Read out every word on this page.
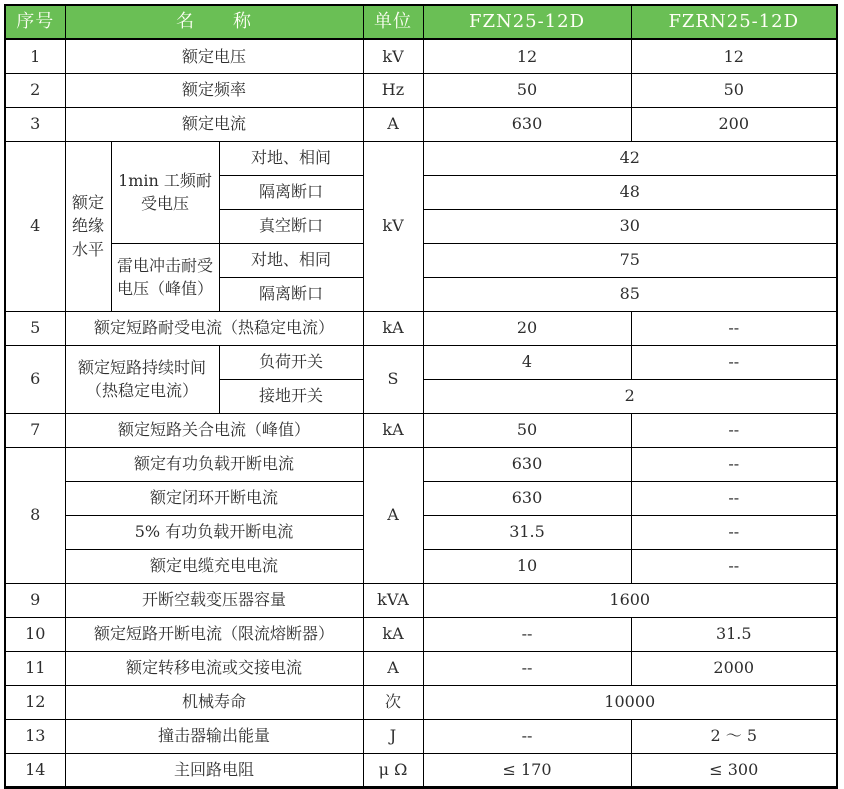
序号	名　　称			单位	FZN25-12D	FZRN25-12D
1	额定电压			kV	12	12
2	额定频率			Hz	50	50
3	额定电流			A	630	200
4	额定绝缘水平	1min 工频耐受电压	对地、相间	kV	42	
			隔离断口		48	
			真空断口		30	
		雷电冲击耐受电压（峰值）	对地、相同		75	
			隔离断口		85	
5	额定短路耐受电流（热稳定电流）			kA	20	--
6	额定短路持续时间（热稳定电流）		负荷开关	S	4	--
			接地开关		2	
7	额定短路关合电流（峰值）			kA	50	--
8	额定有功负载开断电流			A	630	--
	额定闭环开断电流				630	--
	5% 有功负载开断电流				31.5	--
	额定电缆充电电流				10	--
9	开断空载变压器容量			kVA	1600	
10	额定短路开断电流（限流熔断器）			kA	--	31.5
11	额定转移电流或交接电流			A	--	2000
12	机械寿命			次	10000	
13	撞击器输出能量			J	--	2 ～ 5
14	主回路电阻			μ Ω	≤ 170	≤ 300
